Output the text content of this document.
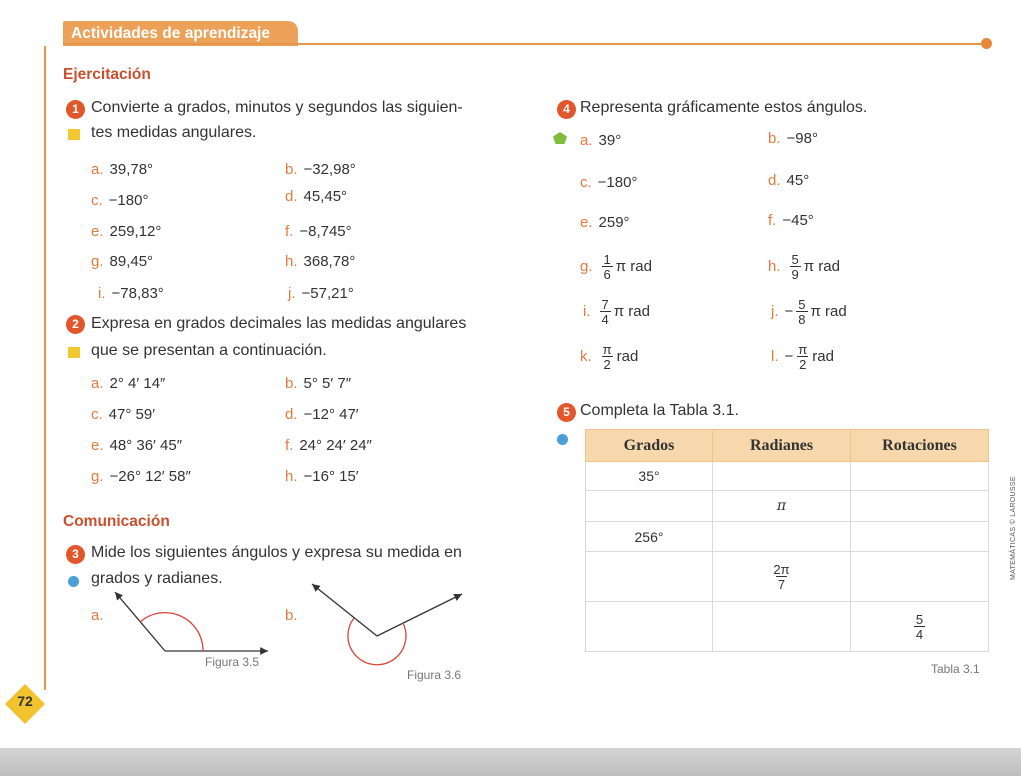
Actividades de aprendizaje
Ejercitación
1 Convierte a grados, minutos y segundos las siguien-
tes medidas angulares.
a. 39,78°	b. −32,98°
c. −180°	d. 45,45°
e. 259,12°	f. −8,745°
g. 89,45°	h. 368,78°
i. −78,83°	j. −57,21°
2 Expresa en grados decimales las medidas angulares
que se presentan a continuación.
a. 2° 4′ 14″	b. 5° 5′ 7″
c. 47° 59′	d. −12° 47′
e. 48° 36′ 45″	f. 24° 24′ 24″
g. −26° 12′ 58″	h. −16° 15′
Comunicación
3 Mide los siguientes ángulos y expresa su medida en
grados y radianes.
a.
Figura 3.5
b.
Figura 3.6
4 Representa gráficamente estos ángulos.
a. 39°	b. −98°
c. −180°	d. 45°
e. 259°	f. −45°
g. $\frac{1}{6}$ π rad	h. $\frac{5}{9}$ π rad
i. $\frac{7}{4}$ π rad	j. − $\frac{5}{8}$ π rad
k. $\frac{\pi}{2}$ rad	l. − $\frac{\pi}{2}$ rad
5 Completa la Tabla 3.1.
Grados	Radianes	Rotaciones
35°		
	π	
256°		

	$\frac{2\pi}{7}$

		$\frac{5}{4}$
Tabla 3.1
72
MATEMÁTICAS © LAROUSSE
